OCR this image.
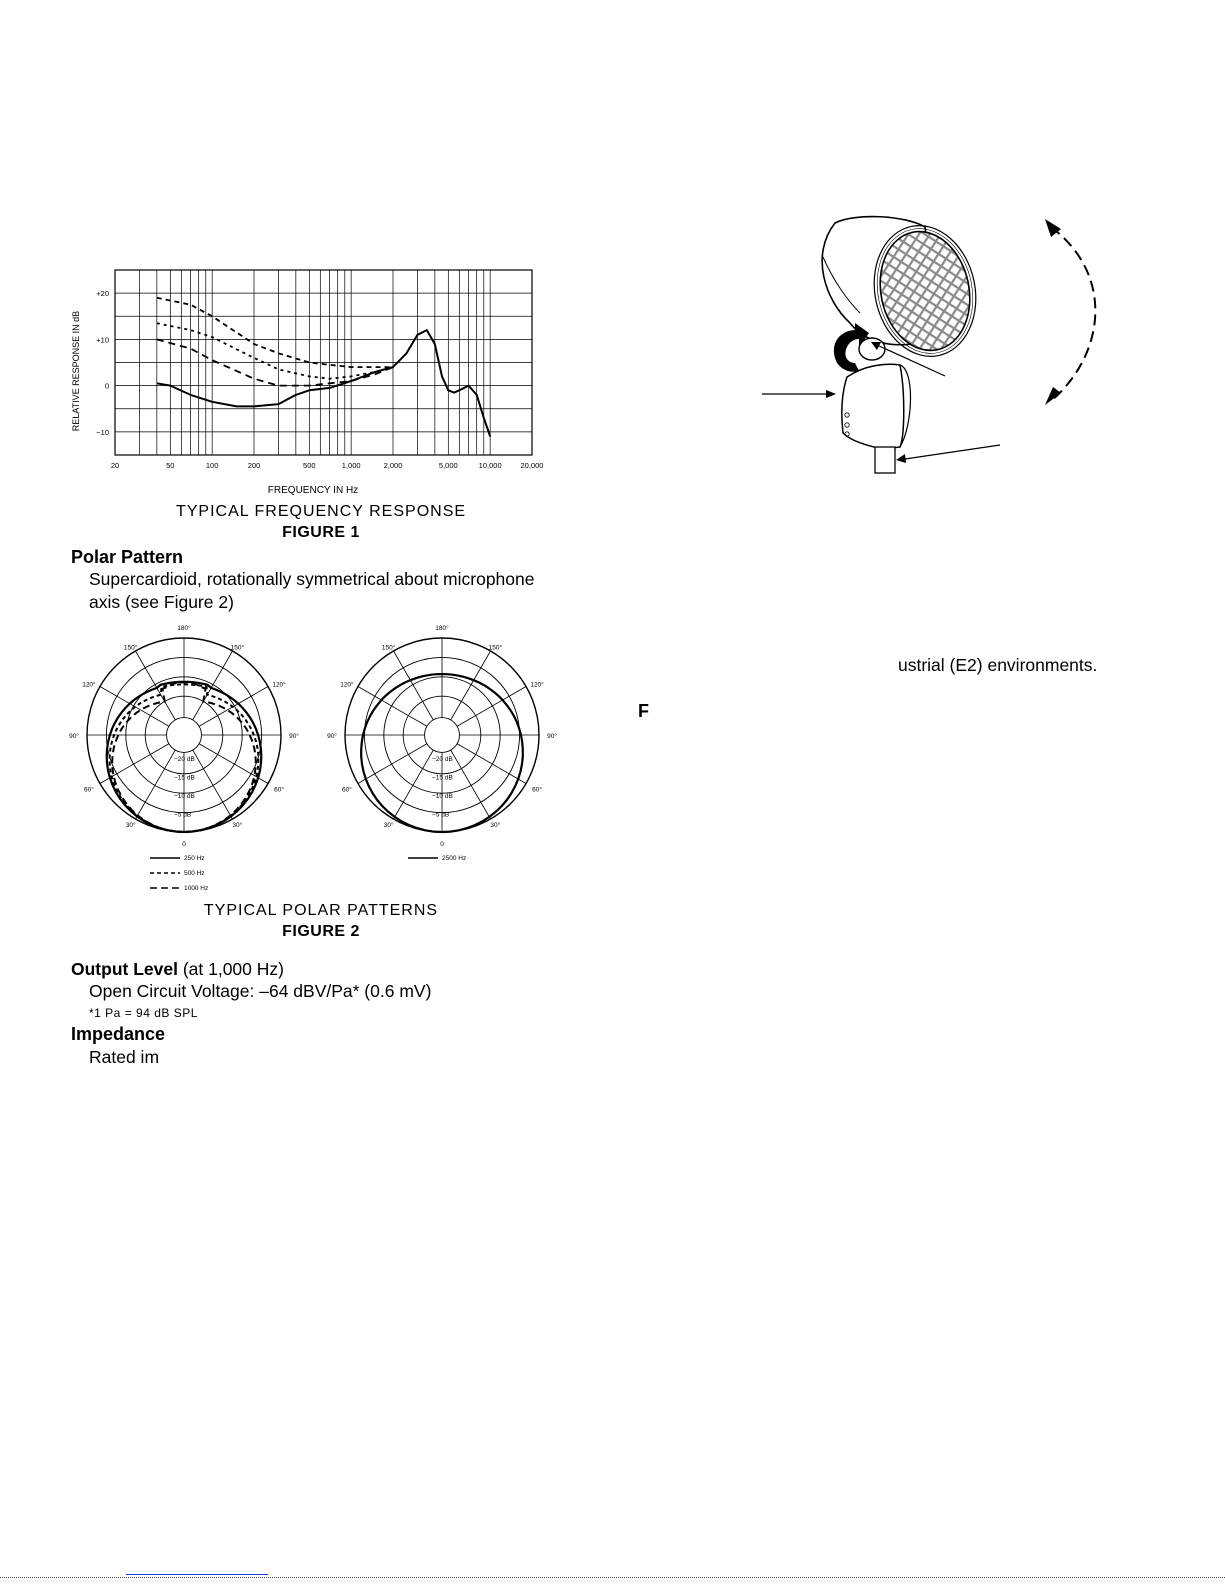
+20
+10
0
−10
20	50	100	200	500	1,000	2,000	5,000	10,000	20,000
RELATIVE RESPONSE IN dB
FREQUENCY IN Hz
TYPICAL FREQUENCY RESPONSE
FIGURE 1
Polar Pattern
Supercardioid, rotationally symmetrical about microphone
axis (see Figure 2)
180°
150°	150°
120°	120°
90°	90°
60°	60°
30°	30°
0
−20 dB
−15 dB
−10 dB
−5 dB
180°
150°	150°
120°	120°
90°	90°
60°	60°
30°	30°
0
−20 dB
−15 dB
−10 dB
−5 dB
250 Hz
500 Hz
1000 Hz
2500 Hz
TYPICAL POLAR PATTERNS
FIGURE 2
Output Level (at 1,000 Hz)
Open Circuit Voltage: –64 dBV/Pa* (0.6 mV)
*1 Pa = 94 dB SPL
Impedance
Rated im
ustrial (E2) environments.
F
